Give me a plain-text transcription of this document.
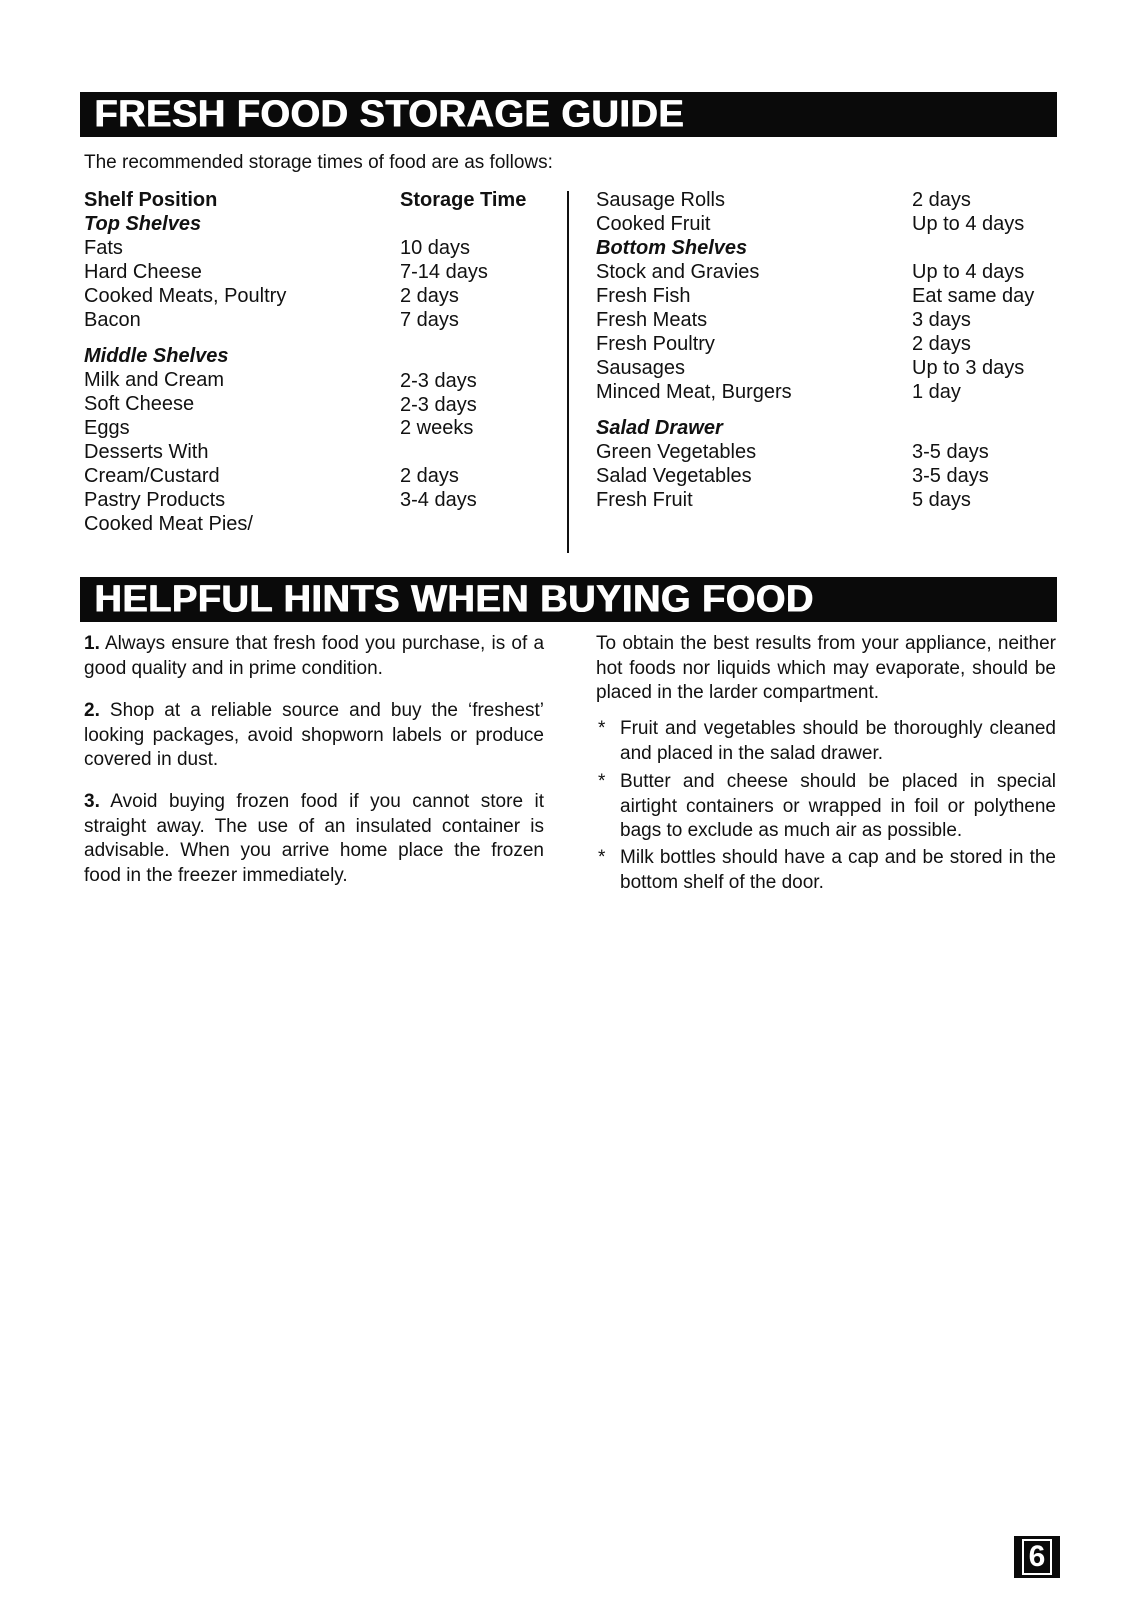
FRESH FOOD STORAGE GUIDE
The recommended storage times of food are as follows:
Shelf Position	Storage Time
Top Shelves
Fats	10 days
Hard Cheese	7-14 days
Cooked Meats, Poultry	2 days
Bacon	7 days
Middle Shelves
Milk and Cream	2-3 days
Soft Cheese	2-3 days
Eggs	2 weeks
Desserts With
Cream/Custard	2 days
Pastry Products	3-4 days
Cooked Meat Pies/
Sausage Rolls	2 days
Cooked Fruit	Up to 4 days
Bottom Shelves
Stock and Gravies	Up to 4 days
Fresh Fish	Eat same day
Fresh Meats	3 days
Fresh Poultry	2 days
Sausages	Up to 3 days
Minced Meat, Burgers	1 day
Salad Drawer
Green Vegetables	3-5 days
Salad Vegetables	3-5 days
Fresh Fruit	5 days
HELPFUL HINTS WHEN BUYING FOOD
1. Always ensure that fresh food you purchase, is of a good quality and in prime condition.
2. Shop at a reliable source and buy the ‘freshest’ looking packages, avoid shopworn labels or produce covered in dust.
3. Avoid buying frozen food if you cannot store it straight away. The use of an insulated container is advisable. When you arrive home place the frozen food in the freezer immediately.
To obtain the best results from your appliance, neither hot foods nor liquids which may evaporate, should be placed in the larder compartment.
* Fruit and vegetables should be thoroughly cleaned and placed in the salad drawer.
* Butter and cheese should be placed in special airtight containers or wrapped in foil or polythene bags to exclude as much air as possible.
* Milk bottles should have a cap and be stored in the bottom shelf of the door.
6
